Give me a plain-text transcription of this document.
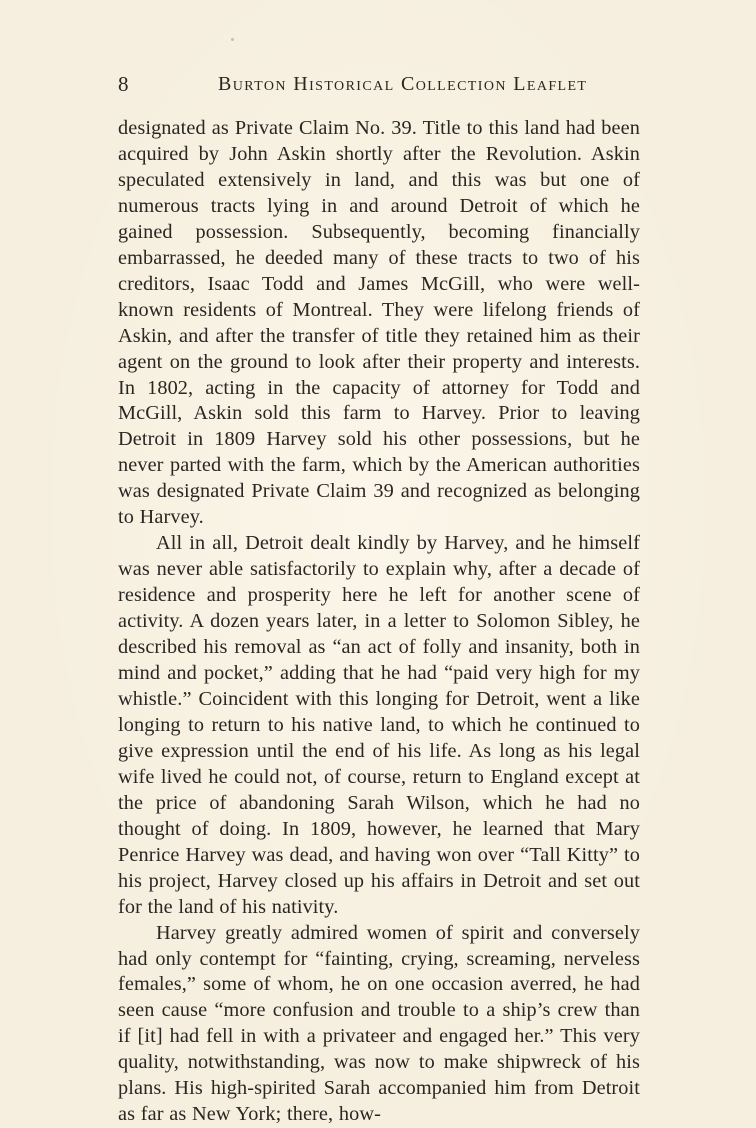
8	Burton Historical Collection Leaflet

designated as Private Claim No. 39. Title to this land had been acquired by John Askin shortly after the Revolution. Askin speculated extensively in land, and this was but one of numerous tracts lying in and around Detroit of which he gained possession. Subsequently, becoming financially embarrassed, he deeded many of these tracts to two of his creditors, Isaac Todd and James McGill, who were well-known residents of Montreal. They were lifelong friends of Askin, and after the transfer of title they retained him as their agent on the ground to look after their property and interests. In 1802, acting in the capacity of attorney for Todd and McGill, Askin sold this farm to Harvey. Prior to leaving Detroit in 1809 Harvey sold his other possessions, but he never parted with the farm, which by the American authorities was designated Private Claim 39 and recognized as belonging to Harvey.

All in all, Detroit dealt kindly by Harvey, and he himself was never able satisfactorily to explain why, after a decade of residence and prosperity here he left for another scene of activity. A dozen years later, in a letter to Solomon Sibley, he described his removal as “an act of folly and insanity, both in mind and pocket,” adding that he had “paid very high for my whistle.” Coincident with this longing for Detroit, went a like longing to return to his native land, to which he continued to give expression until the end of his life. As long as his legal wife lived he could not, of course, return to England except at the price of abandoning Sarah Wilson, which he had no thought of doing. In 1809, however, he learned that Mary Penrice Harvey was dead, and having won over “Tall Kitty” to his project, Harvey closed up his affairs in Detroit and set out for the land of his nativity.

Harvey greatly admired women of spirit and conversely had only contempt for “fainting, crying, screaming, nerveless females,” some of whom, he on one occasion averred, he had seen cause “more confusion and trouble to a ship’s crew than if [it] had fell in with a privateer and engaged her.” This very quality, notwithstanding, was now to make shipwreck of his plans. His high-spirited Sarah accompanied him from Detroit as far as New York; there, how-
